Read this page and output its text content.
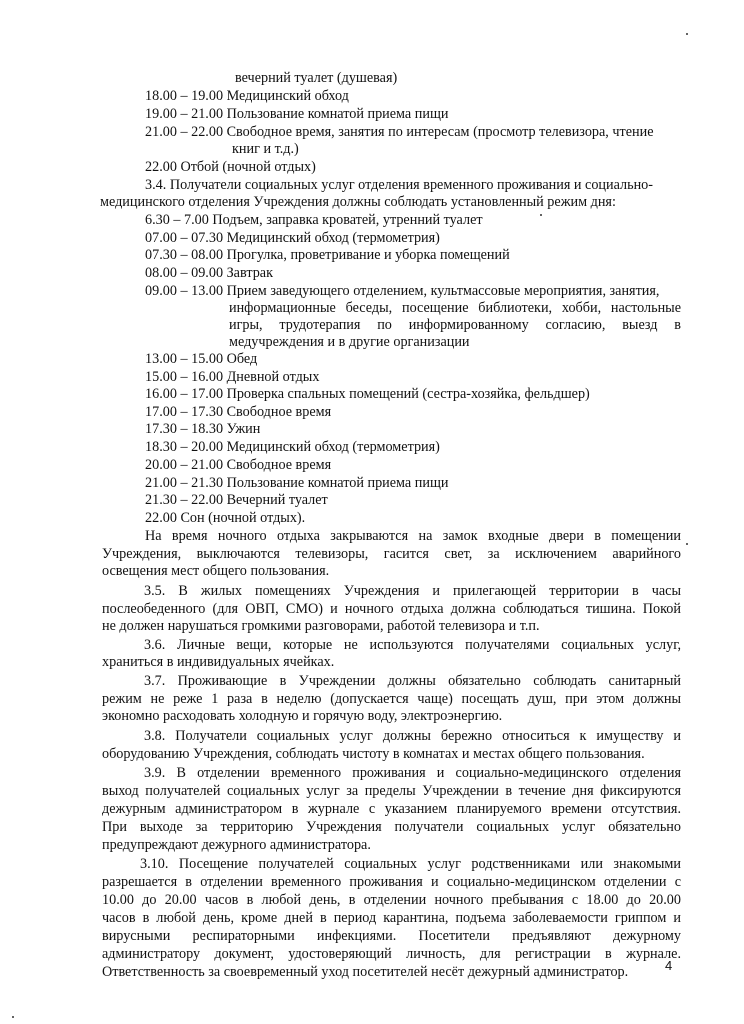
вечерний туалет (душевая)
18.00 – 19.00 Медицинский обход
19.00 – 21.00 Пользование комнатой приема пищи
21.00 – 22.00 Свободное время, занятия по интересам (просмотр телевизора, чтение
книг и т.д.)
22.00 Отбой (ночной отдых)
3.4. Получатели социальных услуг отделения временного проживания и социально-
медицинского отделения Учреждения должны соблюдать установленный режим дня:
6.30 – 7.00 Подъем, заправка кроватей, утренний туалет
07.00 – 07.30 Медицинский обход (термометрия)
07.30 – 08.00 Прогулка, проветривание и уборка помещений
08.00 – 09.00 Завтрак
09.00 – 13.00 Прием заведующего отделением, культмассовые мероприятия, занятия,
информационные беседы, посещение библиотеки, хобби, настольные
игры, трудотерапия по информированному согласию, выезд в
медучреждения и в другие организации
13.00 – 15.00 Обед
15.00 – 16.00 Дневной отдых
16.00 – 17.00 Проверка спальных помещений (сестра-хозяйка, фельдшер)
17.00 – 17.30 Свободное время
17.30 – 18.30 Ужин
18.30 – 20.00 Медицинский обход (термометрия)
20.00 – 21.00 Свободное время
21.00 – 21.30 Пользование комнатой приема пищи
21.30 – 22.00 Вечерний туалет
22.00 Сон (ночной отдых).
На время ночного отдыха закрываются на замок входные двери в помещении
Учреждения, выключаются телевизоры, гасится свет, за исключением аварийного
освещения мест общего пользования.
3.5. В жилых помещениях Учреждения и прилегающей территории в часы
послеобеденного (для ОВП, СМО) и ночного отдыха должна соблюдаться тишина. Покой
не должен нарушаться громкими разговорами, работой телевизора и т.п.
3.6. Личные вещи, которые не используются получателями социальных услуг,
храниться в индивидуальных ячейках.
3.7. Проживающие в Учреждении должны обязательно соблюдать санитарный
режим не реже 1 раза в неделю (допускается чаще) посещать душ, при этом должны
экономно расходовать холодную и горячую воду, электроэнергию.
3.8. Получатели социальных услуг должны бережно относиться к имуществу и
оборудованию Учреждения, соблюдать чистоту в комнатах и местах общего пользования.
3.9. В отделении временного проживания и социально-медицинского отделения
выход получателей социальных услуг за пределы Учреждении в течение дня фиксируются
дежурным администратором в журнале с указанием планируемого времени отсутствия.
При выходе за территорию Учреждения получатели социальных услуг обязательно
предупреждают дежурного администратора.
3.10. Посещение получателей социальных услуг родственниками или знакомыми
разрешается в отделении временного проживания и социально-медицинском отделении с
10.00 до 20.00 часов в любой день, в отделении ночного пребывания с 18.00 до 20.00
часов в любой день, кроме дней в период карантина, подъема заболеваемости гриппом и
вирусными респираторными инфекциями. Посетители предъявляют дежурному
администратору документ, удостоверяющий личность, для регистрации в журнале.
Ответственность за своевременный уход посетителей несёт дежурный администратор.	4
